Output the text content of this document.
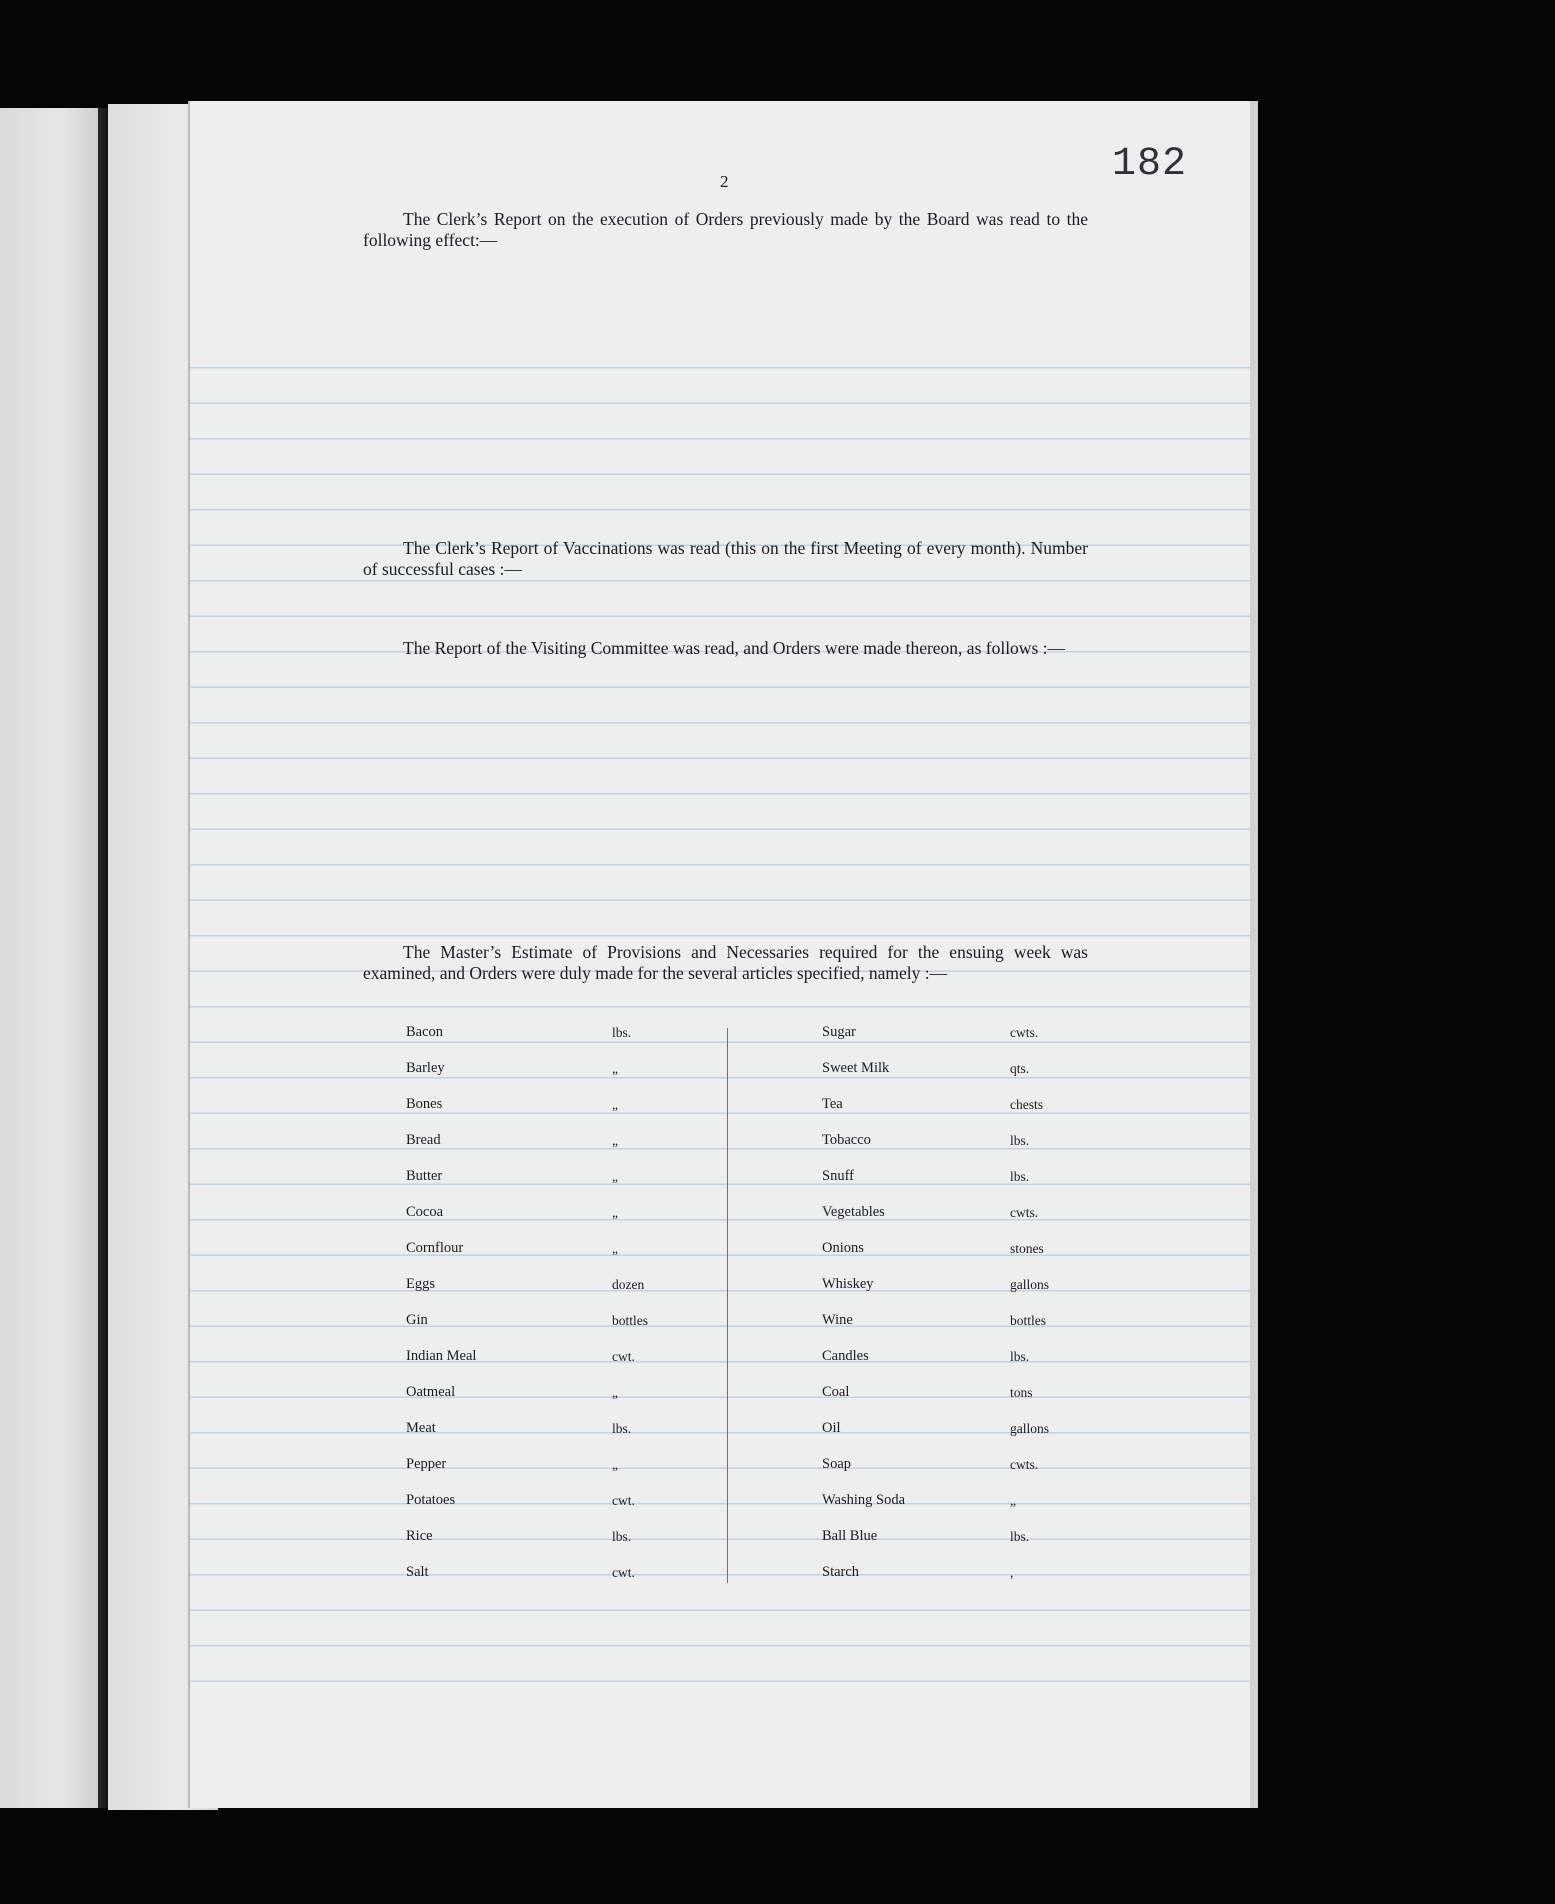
182
2
The Clerk’s Report on the execution of Orders previously made by the Board was read to the following effect:—
The Clerk’s Report of Vaccinations was read (this on the first Meeting of every month). Number of successful cases :—
The Report of the Visiting Committee was read, and Orders were made thereon, as follows :—
The Master’s Estimate of Provisions and Necessaries required for the ensuing week was examined, and Orders were duly made for the several articles specified, namely :—
Bacon	lbs.
Barley	„
Bones	„
Bread	„
Butter	„
Cocoa	„
Cornflour	„
Eggs	dozen
Gin	bottles
Indian Meal	cwt.
Oatmeal	„
Meat	lbs.
Pepper	„
Potatoes	cwt.
Rice	lbs.
Salt	cwt.
Sugar	cwts.
Sweet Milk	qts.
Tea	chests
Tobacco	lbs.
Snuff	lbs.
Vegetables	cwts.
Onions	stones
Whiskey	gallons
Wine	bottles
Candles	lbs.
Coal	tons
Oil	gallons
Soap	cwts.
Washing Soda	„
Ball Blue	lbs.
Starch	,
